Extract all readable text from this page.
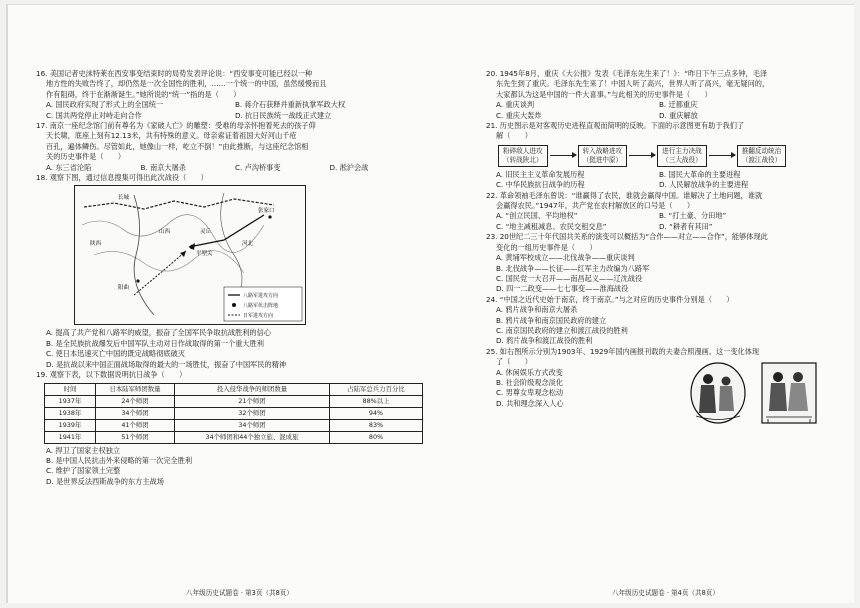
16. 美国记者史沫特莱在西安事变结束时的局势发表评论说：“西安事变可能已经以一种

地方性的失败告终了，却仍然是一次全国性的胜利，……一个统一的中国，虽然缓慢而且

作有阻碍，终于在渐渐诞生。”她所说的“统一”指的是（　　）

A. 国民政府实现了形式上的全国统一	B. 蒋介石获释并重新执掌军政大权
C. 国共两党停止对峙走向合作	D. 抗日民族统一战线正式建立

17. 南京一座纪念馆门前有尊名为《家破人亡》的雕塑：受难的母亲怀抱着死去的孩子仰

天长啸，底座上刻有12.13米，共有特殊的意义。母亲索证着祖国大好河山千疮

百孔，遍体鳞伤。尽管如此，她像山一样，屹立不倒！”由此推断，与这座纪念馆相

关的历史事件是（　　）

A. 东三省沦陷	B. 南京大屠杀	C. 卢沟桥事变	D. 淞沪会战

18. 观察下图，通过信息搜集可得出此次战役（　　）

长城
陕西
山西
河北
阳曲
平型关
灵丘
张家口
八路军进攻方向
八路军伏击阵地
日军进攻方向

A. 提高了共产党和八路军的威望，振奋了全国军民争取抗战胜利的信心

B. 是全民族抗战爆发后中国军队主动对日作战取得的第一个重大胜利

C. 使日本迅速灭亡中国的既定战略彻底破灭

D. 是抗战以来中国正面战场取得的最大的一场胜仗，振奋了中国军民的精神

19. 观察下表，以下数据说明抗日战争（　　）

时间	日本陆军师团数量	投入侵华战争的师团数量	占陆军总兵力百分比
1937年	24个师团	21个师团	88%以上
1938年	34个师团	32个师团	94%
1939年	41个师团	34个师团	83%
1941年	51个师团	34个师团和44个独立旅、混成旅	80%

A. 捍卫了国家主权独立

B. 是中国人民抗击外来侵略的第一次完全胜利

C. 维护了国家领土完整

D. 是世界反法西斯战争的东方主战场

20. 1945年8月，重庆《大公报》发表《毛泽东先生来了！》：“昨日下午三点多钟，毛泽

东先生到了重庆。毛泽东先生来了！中国人听了高兴，世界人听了高兴，毫无疑问的，

大家都认为这是中国的一件大喜事。”与此相关的历史事件是（　　）

A. 重庆谈判	B. 迁都重庆
C. 重庆大轰炸	D. 重庆解放

21. 历史图示是对客观历史进程直观而简明的反映。下面的示意图更有助于我们了

解（　　）

粉碎敌人进攻
（转战陕北）
转入战略进攻
（挺进中原）
进行主力决战
（三大战役）
推翻反动统治
（渡江战役）
A. 旧民主主义革命发展历程	B. 国民大革命的主要进程
C. 中华民族抗日战争的历程	D. 人民解放战争的主要进程

22. 革命领袖毛泽东曾说：“谁赢得了农民，谁就会赢得中国。谁解决了土地问题，谁就

会赢得农民。”1947年，共产党在农村解放区的口号是（　　）

A. “创立民国、平均地权”	B. “打土豪、分田地”
C. “地主减租减息、农民交租交息”	D. “耕者有其田”

23. 20世纪二三十年代国共关系的演变可以概括为“合作——对立——合作”，能够体现此

变化的一组历史事件是（　　）

A. 黄埔军校成立——北伐战争——重庆谈判

B. 北伐战争——长征——红军主力改编为八路军

C. 国民党一大召开——南昌起义——辽沈战役

D. 四一二政变——七七事变——淮海战役

24. “中国之近代史始于南京，终于南京。”与之对应的历史事件分别是（　　）

A. 鸦片战争和南京大屠杀

B. 鸦片战争和南京国民政府的建立

C. 南京国民政府的建立和渡江战役的胜利

D. 鸦片战争和渡江战役的胜利

25. 如右图所示分别为1903年、1929年国内画报刊载的夫妻合照漫画。这一变化体现

了（　　）

A. 休闲娱乐方式改变

B. 社会阶级观念淡化

C. 男尊女卑观念松动

D. 共和理念深入人心

八年级历史试题卷 · 第3页（共8页）	八年级历史试题卷 · 第4页（共8页）
